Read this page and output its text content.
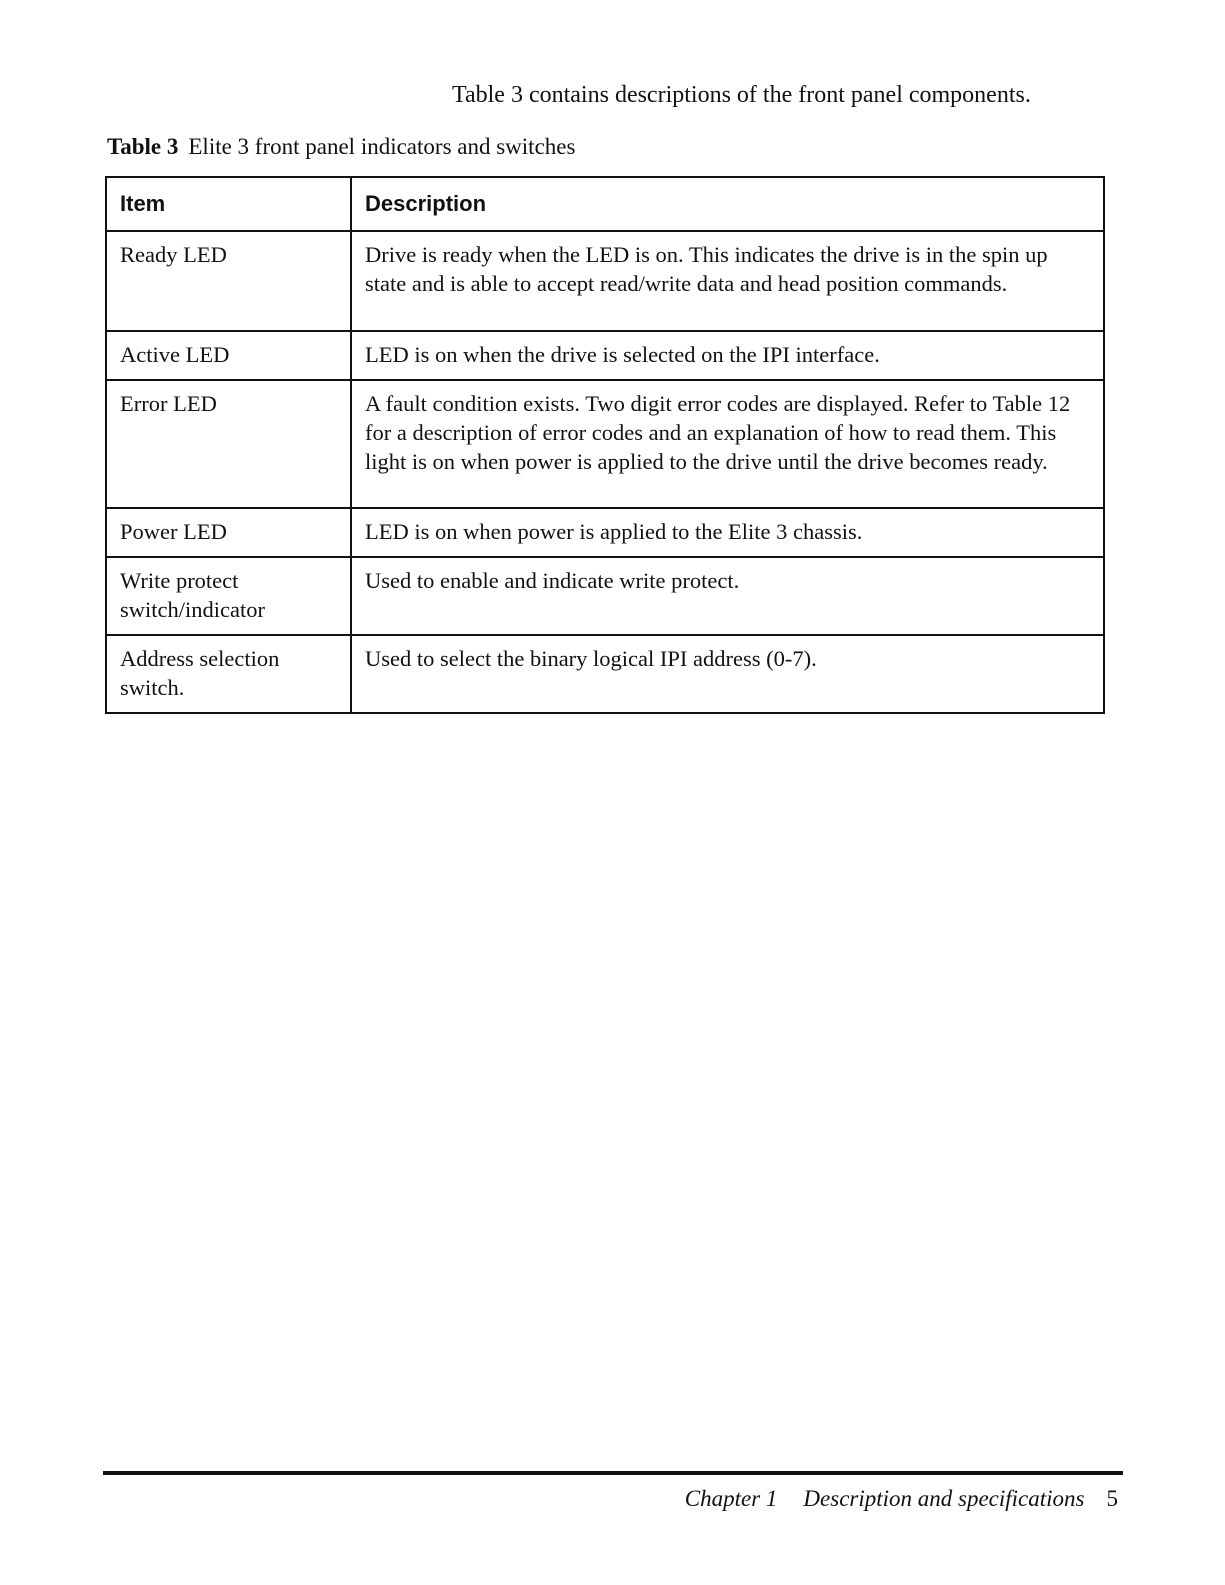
Table 3 contains descriptions of the front panel components.
Table 3 Elite 3 front panel indicators and switches
Item	Description
Ready LED	Drive is ready when the LED is on. This indicates the drive is in the spin up state and is able to accept read/write data and head position commands.
Active LED	LED is on when the drive is selected on the IPI interface.
Error LED	A fault condition exists. Two digit error codes are displayed. Refer to Table 12 for a description of error codes and an explanation of how to read them. This light is on when power is applied to the drive until the drive becomes ready.
Power LED	LED is on when power is applied to the Elite 3 chassis.
Write protect switch/indicator	Used to enable and indicate write protect.
Address selection switch.	Used to select the binary logical IPI address (0-7).
Chapter 1 Description and specifications 5
